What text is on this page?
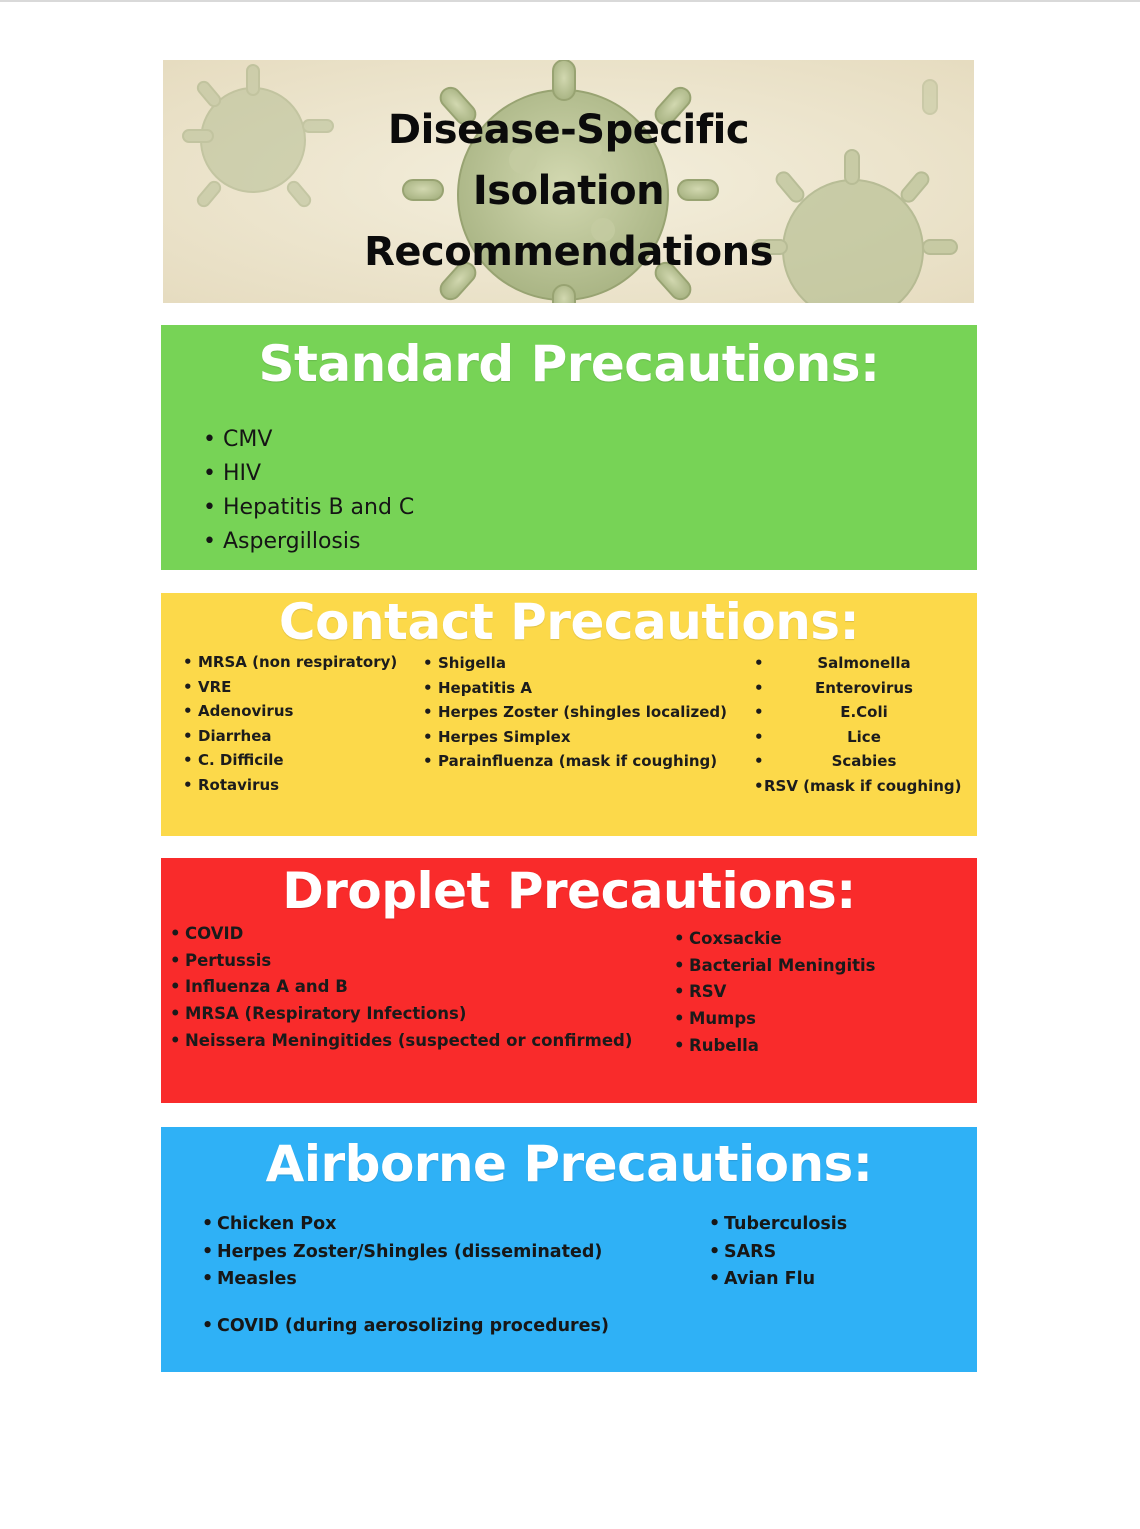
Disease-Specific
Isolation
Recommendations
Standard Precautions:
• CMV
• HIV
• Hepatitis B and C
• Aspergillosis
Contact Precautions:
• MRSA (non respiratory)
• VRE
• Adenovirus
• Diarrhea
• C. Difficile
• Rotavirus
• Shigella
• Hepatitis A
• Herpes Zoster (shingles localized)
• Herpes Simplex
• Parainfluenza (mask if coughing)
• Salmonella
• Enterovirus
• E.Coli
• Lice
• Scabies
• RSV (mask if coughing)
Droplet Precautions:
• COVID
• Pertussis
• Influenza A and B
• MRSA (Respiratory Infections)
• Neissera Meningitides (suspected or confirmed)
• Coxsackie
• Bacterial Meningitis
• RSV
• Mumps
• Rubella
Airborne Precautions:
• Chicken Pox
• Herpes Zoster/Shingles (disseminated)
• Measles
• Tuberculosis
• SARS
• Avian Flu
• COVID (during aerosolizing procedures)
